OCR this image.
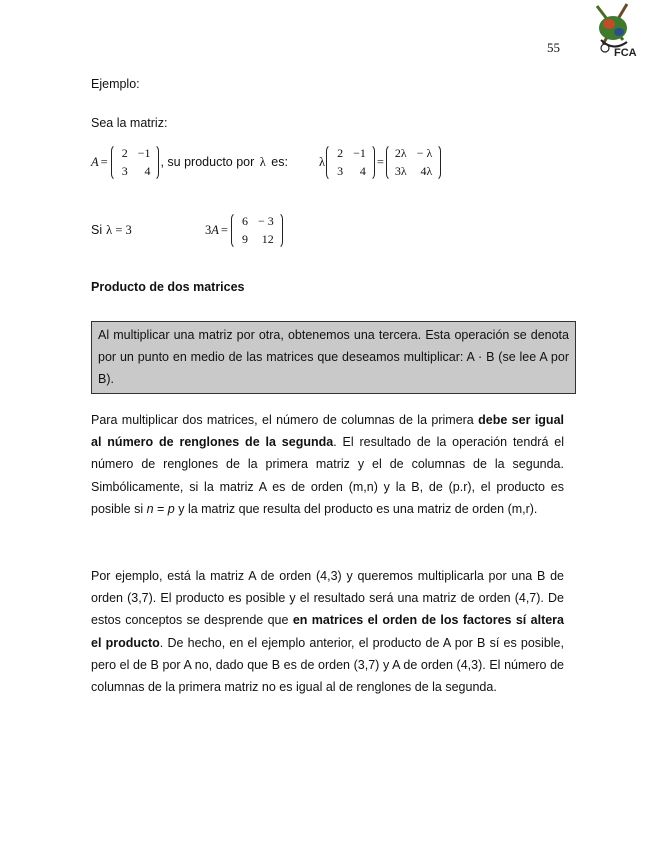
55	FCA
Ejemplo:
Sea la matriz:
A =
2 −1
3	4
, su producto por λ es: λ
2 −1
3	4
=
2λ − λ
3λ	4λ
Si λ = 3	3 A =
6 − 3
9	12
Producto de dos matrices
Al multiplicar una matriz por otra, obtenemos una tercera. Esta operación se denota por un punto en medio de las matrices que deseamos multiplicar: A · B (se lee A por B).
Para multiplicar dos matrices, el número de columnas de la primera debe ser igual al número de renglones de la segunda. El resultado de la operación tendrá el número de renglones de la primera matriz y el de columnas de la segunda. Simbólicamente, si la matriz A es de orden (m,n) y la B, de (p.r), el producto es posible si n = p y la matriz que resulta del producto es una matriz de orden (m,r).
Por ejemplo, está la matriz A de orden (4,3) y queremos multiplicarla por una B de orden (3,7). El producto es posible y el resultado será una matriz de orden (4,7). De estos conceptos se desprende que en matrices el orden de los factores sí altera el producto. De hecho, en el ejemplo anterior, el producto de A por B sí es posible, pero el de B por A no, dado que B es de orden (3,7) y A de orden (4,3). El número de columnas de la primera matriz no es igual al de renglones de la segunda.
